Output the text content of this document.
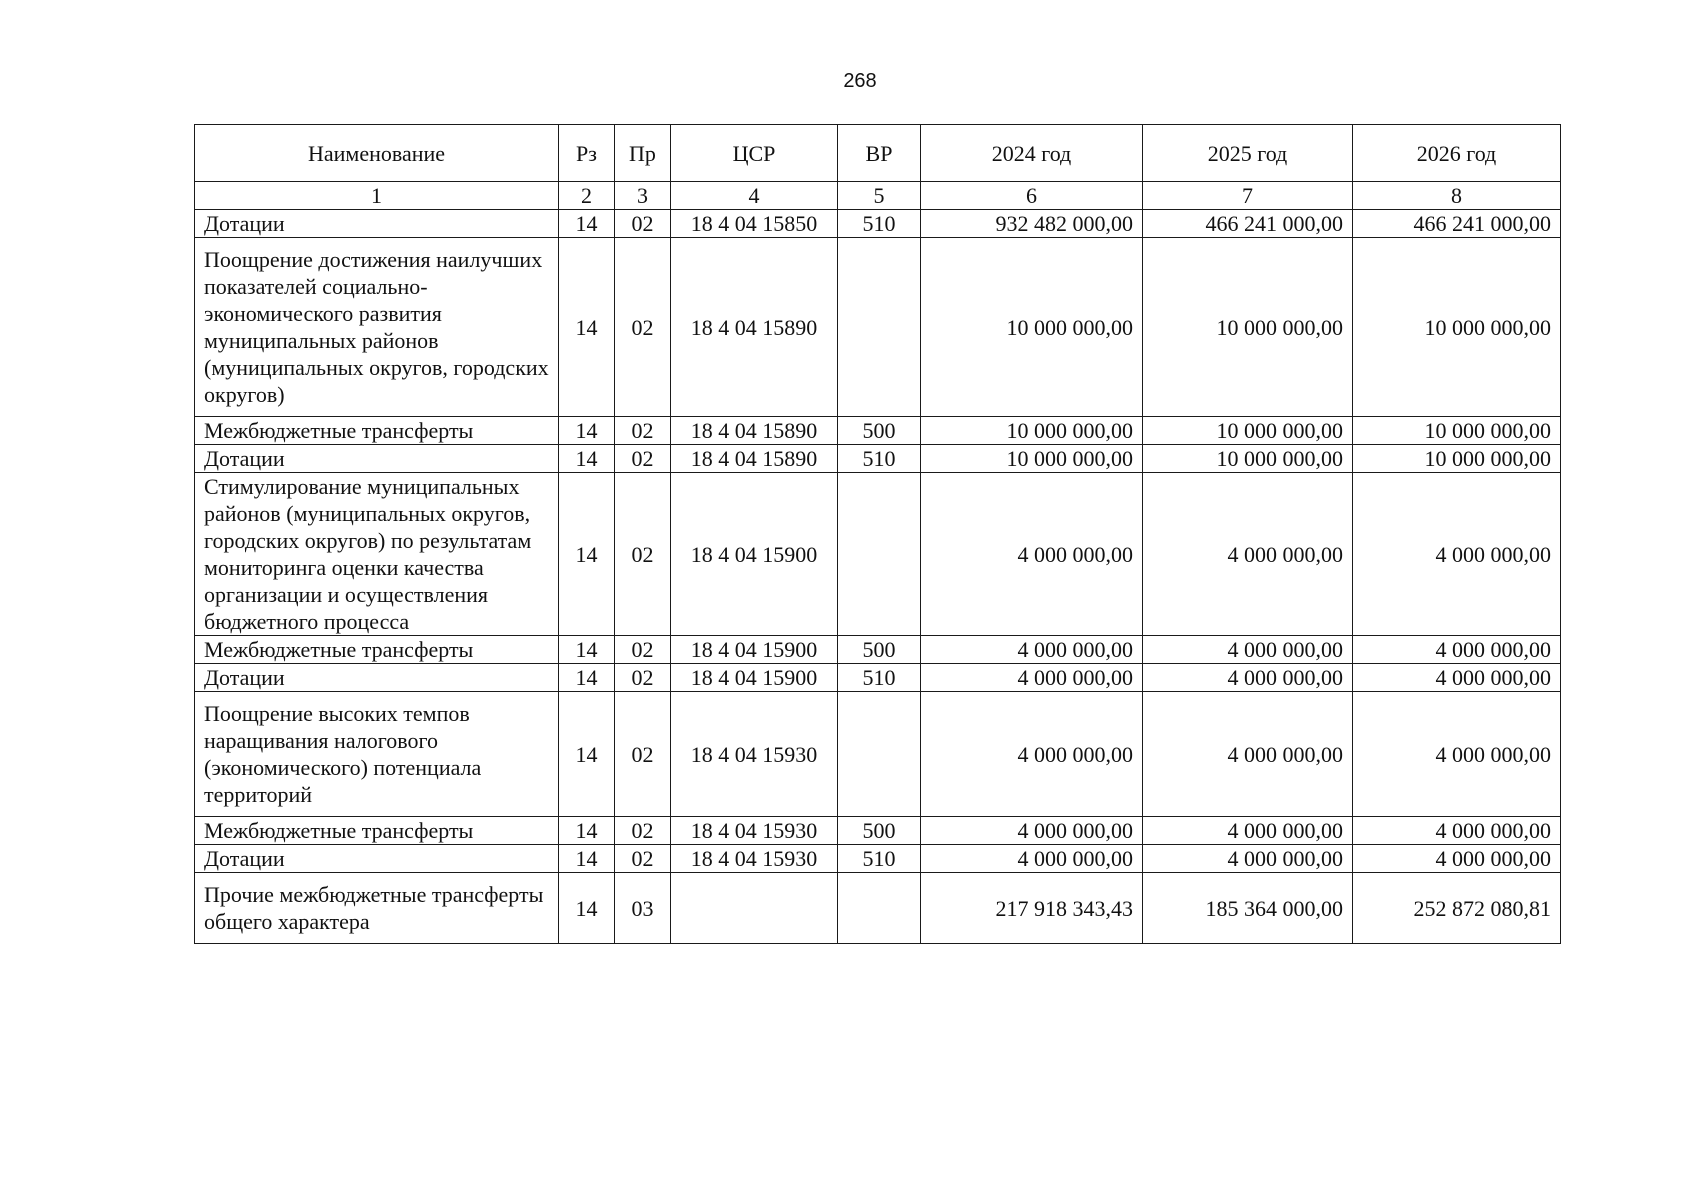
268
Наименование	Рз	Пр	ЦСР	ВР	2024 год	2025 год	2026 год
1	2	3	4	5	6	7	8
Дотации	14	02	18 4 04 15850	510	932 482 000,00	466 241 000,00	466 241 000,00
Поощрение достижения наилучших показателей социально-экономического развития муниципальных районов (муниципальных округов, городских округов)	14	02	18 4 04 15890		10 000 000,00	10 000 000,00	10 000 000,00
Межбюджетные трансферты	14	02	18 4 04 15890	500	10 000 000,00	10 000 000,00	10 000 000,00
Дотации	14	02	18 4 04 15890	510	10 000 000,00	10 000 000,00	10 000 000,00
Стимулирование муниципальных районов (муниципальных округов, городских округов) по результатам мониторинга оценки качества организации и осуществления бюджетного процесса	14	02	18 4 04 15900		4 000 000,00	4 000 000,00	4 000 000,00
Межбюджетные трансферты	14	02	18 4 04 15900	500	4 000 000,00	4 000 000,00	4 000 000,00
Дотации	14	02	18 4 04 15900	510	4 000 000,00	4 000 000,00	4 000 000,00
Поощрение высоких темпов наращивания налогового (экономического) потенциала территорий	14	02	18 4 04 15930		4 000 000,00	4 000 000,00	4 000 000,00
Межбюджетные трансферты	14	02	18 4 04 15930	500	4 000 000,00	4 000 000,00	4 000 000,00
Дотации	14	02	18 4 04 15930	510	4 000 000,00	4 000 000,00	4 000 000,00
Прочие межбюджетные трансферты общего характера	14	03			217 918 343,43	185 364 000,00	252 872 080,81
